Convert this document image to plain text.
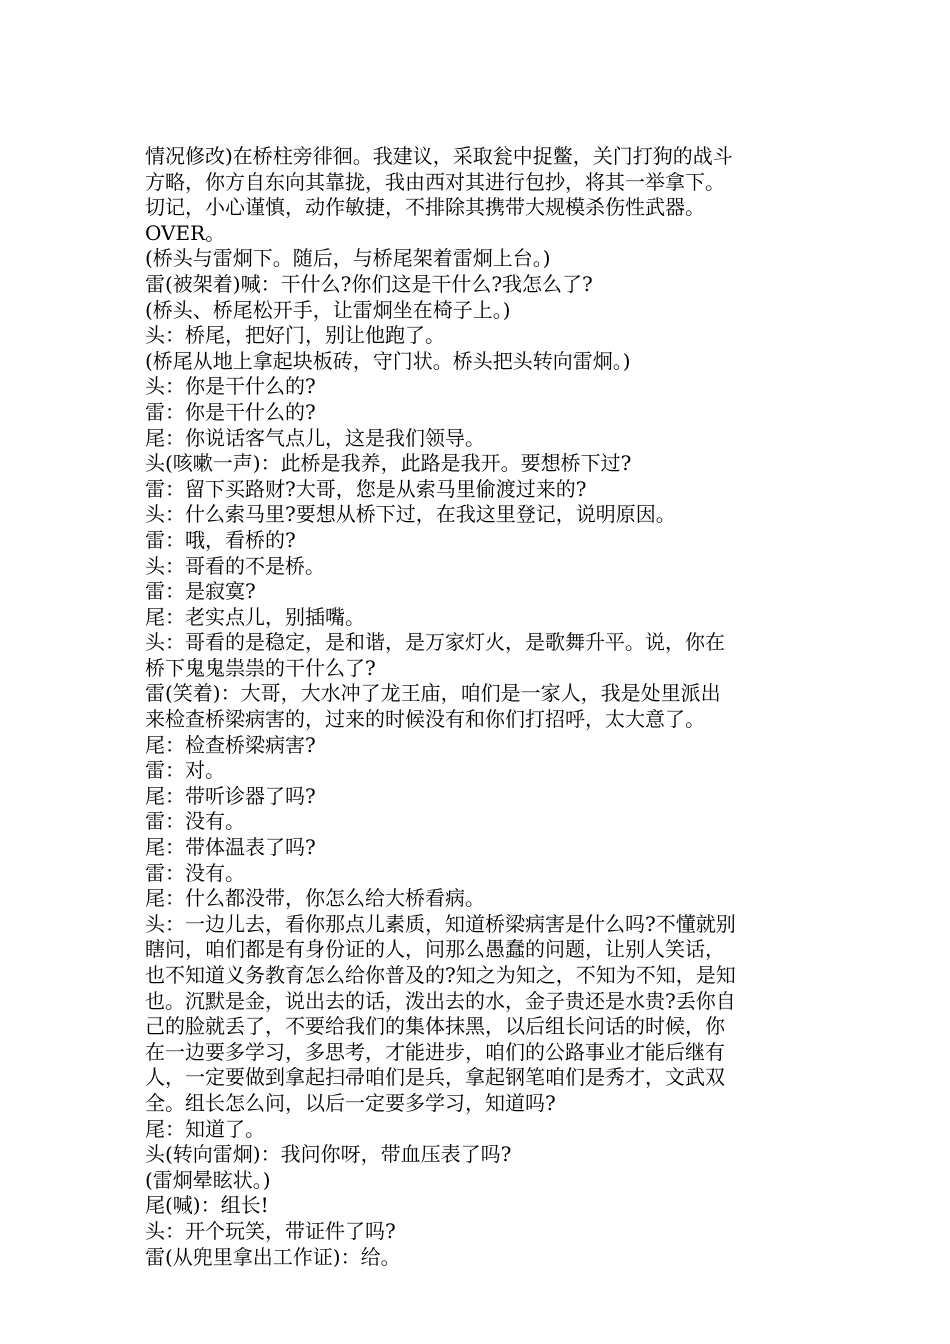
情况修改)在桥柱旁徘徊。我建议，采取瓮中捉鳖，关门打狗的战斗
方略，你方自东向其靠拢，我由西对其进行包抄，将其一举拿下。
切记，小心谨慎，动作敏捷，不排除其携带大规模杀伤性武器。
OVER。
(桥头与雷炯下。随后，与桥尾架着雷炯上台。)
雷(被架着)喊：干什么?你们这是干什么?我怎么了?
(桥头、桥尾松开手，让雷炯坐在椅子上。)
头：桥尾，把好门，别让他跑了。
(桥尾从地上拿起块板砖，守门状。桥头把头转向雷炯。)
头：你是干什么的?
雷：你是干什么的?
尾：你说话客气点儿，这是我们领导。
头(咳嗽一声)：此桥是我养，此路是我开。要想桥下过?
雷：留下买路财?大哥，您是从索马里偷渡过来的?
头：什么索马里?要想从桥下过，在我这里登记，说明原因。
雷：哦，看桥的?
头：哥看的不是桥。
雷：是寂寞?
尾：老实点儿，别插嘴。
头：哥看的是稳定，是和谐，是万家灯火，是歌舞升平。说，你在
桥下鬼鬼祟祟的干什么了?
雷(笑着)：大哥，大水冲了龙王庙，咱们是一家人，我是处里派出
来检查桥梁病害的，过来的时候没有和你们打招呼，太大意了。
尾：检查桥梁病害?
雷：对。
尾：带听诊器了吗?
雷：没有。
尾：带体温表了吗?
雷：没有。
尾：什么都没带，你怎么给大桥看病。
头：一边儿去，看你那点儿素质，知道桥梁病害是什么吗?不懂就别
瞎问，咱们都是有身份证的人，问那么愚蠢的问题，让别人笑话，
也不知道义务教育怎么给你普及的?知之为知之，不知为不知，是知
也。沉默是金，说出去的话，泼出去的水，金子贵还是水贵?丢你自
己的脸就丢了，不要给我们的集体抹黑，以后组长问话的时候，你
在一边要多学习，多思考，才能进步，咱们的公路事业才能后继有
人，一定要做到拿起扫帚咱们是兵，拿起钢笔咱们是秀才，文武双
全。组长怎么问，以后一定要多学习，知道吗?
尾：知道了。
头(转向雷炯)：我问你呀，带血压表了吗?
(雷炯晕眩状。)
尾(喊)：组长!
头：开个玩笑，带证件了吗?
雷(从兜里拿出工作证)：给。
